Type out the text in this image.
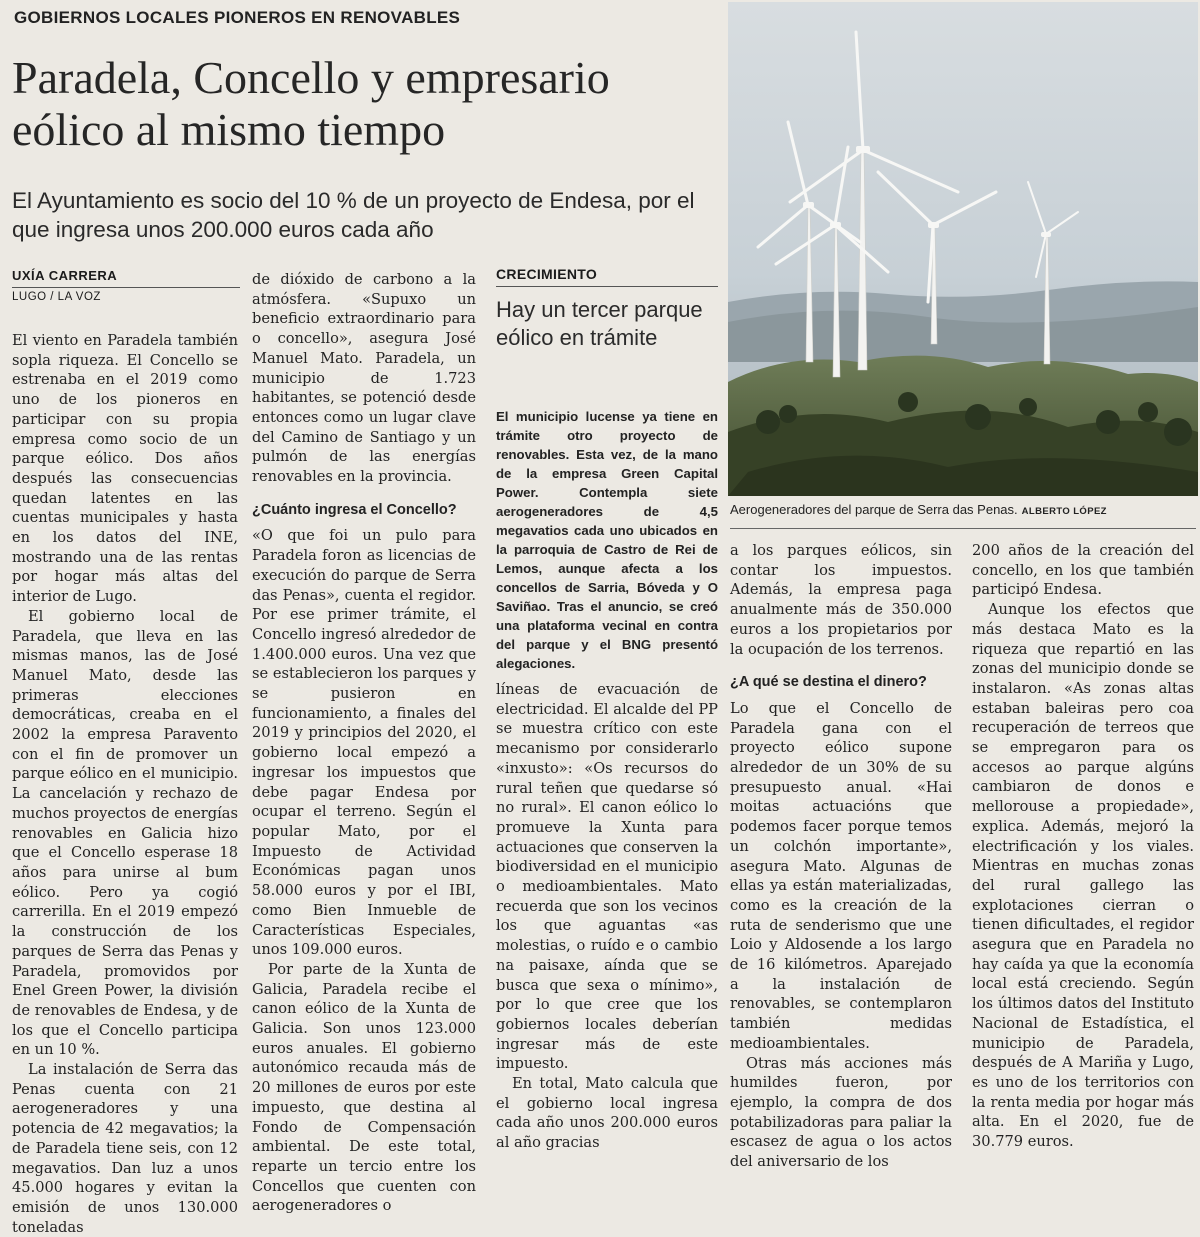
GOBIERNOS LOCALES PIONEROS EN RENOVABLES
Paradela, Concello y empresario eólico al mismo tiempo
El Ayuntamiento es socio del 10 % de un proyecto de Endesa, por el que ingresa unos 200.000 euros cada año
UXÍA CARRERA
LUGO / LA VOZ

El viento en Paradela también sopla riqueza. El Concello se estrenaba en el 2019 como uno de los pioneros en participar con su propia empresa como socio de un parque eólico. Dos años después las consecuencias quedan latentes en las cuentas municipales y hasta en los datos del INE, mostrando una de las rentas por hogar más altas del interior de Lugo.

El gobierno local de Paradela, que lleva en las mismas manos, las de José Manuel Mato, desde las primeras elecciones democráticas, creaba en el 2002 la empresa Paravento con el fin de promover un parque eólico en el municipio. La cancelación y rechazo de muchos proyectos de energías renovables en Galicia hizo que el Concello esperase 18 años para unirse al bum eólico. Pero ya cogió carrerilla. En el 2019 empezó la construcción de los parques de Serra das Penas y Paradela, promovidos por Enel Green Power, la división de renovables de Endesa, y de los que el Concello participa en un 10 %.

La instalación de Serra das Penas cuenta con 21 aerogeneradores y una potencia de 42 megavatios; la de Paradela tiene seis, con 12 megavatios. Dan luz a unos 45.000 hogares y evitan la emisión de unos 130.000 toneladas

de dióxido de carbono a la atmósfera. «Supuxo un beneficio extraordinario para o concello», asegura José Manuel Mato. Paradela, un municipio de 1.723 habitantes, se potenció desde entonces como un lugar clave del Camino de Santiago y un pulmón de las energías renovables en la provincia.

¿Cuánto ingresa el Concello?

«O que foi un pulo para Paradela foron as licencias de execución do parque de Serra das Penas», cuenta el regidor. Por ese primer trámite, el Concello ingresó alrededor de 1.400.000 euros. Una vez que se establecieron los parques y se pusieron en funcionamiento, a finales del 2019 y principios del 2020, el gobierno local empezó a ingresar los impuestos que debe pagar Endesa por ocupar el terreno. Según el popular Mato, por el Impuesto de Actividad Económicas pagan unos 58.000 euros y por el IBI, como Bien Inmueble de Características Especiales, unos 109.000 euros.

Por parte de la Xunta de Galicia, Paradela recibe el canon eólico de la Xunta de Galicia. Son unos 123.000 euros anuales. El gobierno autonómico recauda más de 20 millones de euros por este impuesto, que destina al Fondo de Compensación ambiental. De este total, reparte un tercio entre los Concellos que cuenten con aerogeneradores o

CRECIMIENTO
Hay un tercer parque eólico en trámite
El municipio lucense ya tiene en trámite otro proyecto de renovables. Esta vez, de la mano de la empresa Green Capital Power. Contempla siete aerogeneradores de 4,5 megavatios cada uno ubicados en la parroquia de Castro de Rei de Lemos, aunque afecta a los concellos de Sarria, Bóveda y O Saviñao. Tras el anuncio, se creó una plataforma vecinal en contra del parque y el BNG presentó alegaciones.

líneas de evacuación de electricidad. El alcalde del PP se muestra crítico con este mecanismo por considerarlo «inxusto»: «Os recursos do rural teñen que quedarse só no rural». El canon eólico lo promueve la Xunta para actuaciones que conserven la biodiversidad en el municipio o medioambientales. Mato recuerda que son los vecinos los que aguantas «as molestias, o ruído e o cambio na paisaxe, aínda que se busca que sexa o mínimo», por lo que cree que los gobiernos locales deberían ingresar más de este impuesto.

En total, Mato calcula que el gobierno local ingresa cada año unos 200.000 euros al año gracias

Aerogeneradores del parque de Serra das Penas. ALBERTO LÓPEZ

a los parques eólicos, sin contar los impuestos. Además, la empresa paga anualmente más de 350.000 euros a los propietarios por la ocupación de los terrenos.

¿A qué se destina el dinero?

Lo que el Concello de Paradela gana con el proyecto eólico supone alrededor de un 30% de su presupuesto anual. «Hai moitas actuacións que podemos facer porque temos un colchón importante», asegura Mato. Algunas de ellas ya están materializadas, como es la creación de la ruta de senderismo que une Loio y Aldosende a los largo de 16 kilómetros. Aparejado a la instalación de renovables, se contemplaron también medidas medioambientales.

Otras más acciones más humildes fueron, por ejemplo, la compra de dos potabilizadoras para paliar la escasez de agua o los actos del aniversario de los

200 años de la creación del concello, en los que también participó Endesa.

Aunque los efectos que más destaca Mato es la riqueza que repartió en las zonas del municipio donde se instalaron. «As zonas altas estaban baleiras pero coa recuperación de terreos que se empregaron para os accesos ao parque algúns cambiaron de donos e mellorouse a propiedade», explica. Además, mejoró la electrificación y los viales. Mientras en muchas zonas del rural gallego las explotaciones cierran o tienen dificultades, el regidor asegura que en Paradela no hay caída ya que la economía local está creciendo. Según los últimos datos del Instituto Nacional de Estadística, el municipio de Paradela, después de A Mariña y Lugo, es uno de los territorios con la renta media por hogar más alta. En el 2020, fue de 30.779 euros.
